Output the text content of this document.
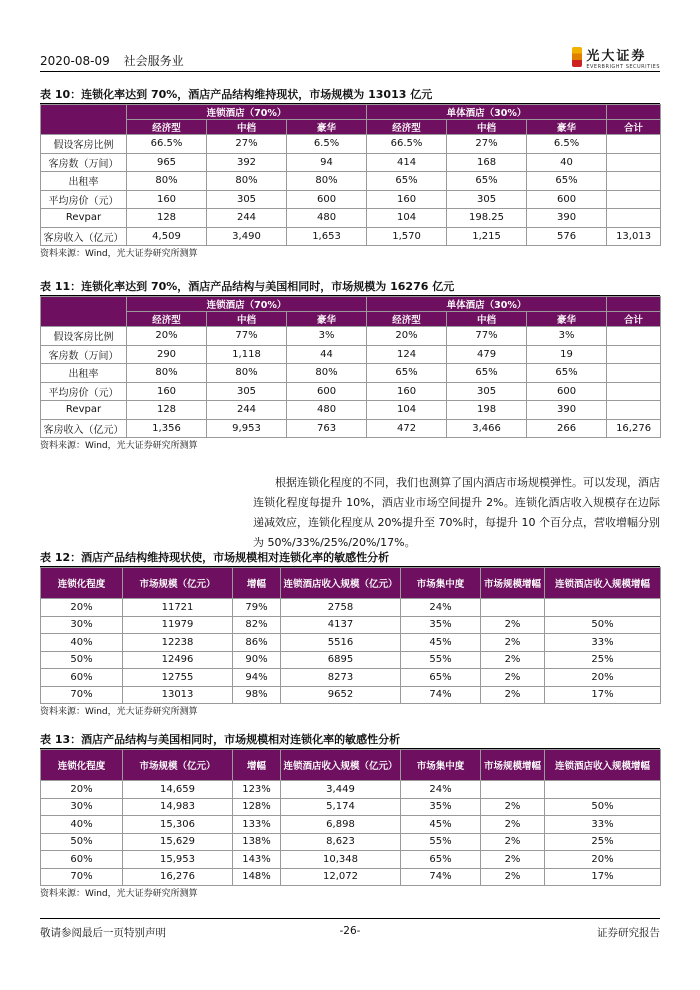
2020-08-09 社会服务业	光大证券
EVERBRIGHT SECURITIES
表 10：连锁化率达到 70%，酒店产品结构维持现状，市场规模为 13013 亿元
	连锁酒店（70%）			单体酒店（30%）			
	经济型	中档	豪华	经济型	中档	豪华	合计
假设客房比例	66.5%	27%	6.5%	66.5%	27%	6.5%	
客房数（万间）	965	392	94	414	168	40	
出租率	80%	80%	80%	65%	65%	65%	
平均房价（元）	160	305	600	160	305	600	
Revpar	128	244	480	104	198.25	390	
客房收入（亿元）	4,509	3,490	1,653	1,570	1,215	576	13,013
资料来源：Wind，光大证券研究所测算
表 11：连锁化率达到 70%，酒店产品结构与美国相同时，市场规模为 16276 亿元
	连锁酒店（70%）			单体酒店（30%）			
	经济型	中档	豪华	经济型	中档	豪华	合计
假设客房比例	20%	77%	3%	20%	77%	3%	
客房数（万间）	290	1,118	44	124	479	19	
出租率	80%	80%	80%	65%	65%	65%	
平均房价（元）	160	305	600	160	305	600	
Revpar	128	244	480	104	198	390	
客房收入（亿元）	1,356	9,953	763	472	3,466	266	16,276
资料来源：Wind，光大证券研究所测算

根据连锁化程度的不同，我们也测算了国内酒店市场规模弹性。可以发现，酒店连锁化程度每提升 10%，酒店业市场空间提升 2%。连锁化酒店收入规模存在边际递减效应，连锁化程度从 20%提升至 70%时，每提升 10 个百分点，营收增幅分别为 50%/33%/25%/20%/17%。

表 12：酒店产品结构维持现状使，市场规模相对连锁化率的敏感性分析
连锁化程度	市场规模（亿元）	增幅	连锁酒店收入规模（亿元）	市场集中度	市场规模增幅	连锁酒店收入规模增幅
20%	11721	79%	2758	24%		
30%	11979	82%	4137	35%	2%	50%
40%	12238	86%	5516	45%	2%	33%
50%	12496	90%	6895	55%	2%	25%
60%	12755	94%	8273	65%	2%	20%
70%	13013	98%	9652	74%	2%	17%
资料来源：Wind，光大证券研究所测算
表 13：酒店产品结构与美国相同时，市场规模相对连锁化率的敏感性分析
连锁化程度	市场规模（亿元）	增幅	连锁酒店收入规模（亿元）	市场集中度	市场规模增幅	连锁酒店收入规模增幅
20%	14,659	123%	3,449	24%		
30%	14,983	128%	5,174	35%	2%	50%
40%	15,306	133%	6,898	45%	2%	33%
50%	15,629	138%	8,623	55%	2%	25%
60%	15,953	143%	10,348	65%	2%	20%
70%	16,276	148%	12,072	74%	2%	17%
资料来源：Wind，光大证券研究所测算
-26-
敬请参阅最后一页特别声明	证券研究报告
